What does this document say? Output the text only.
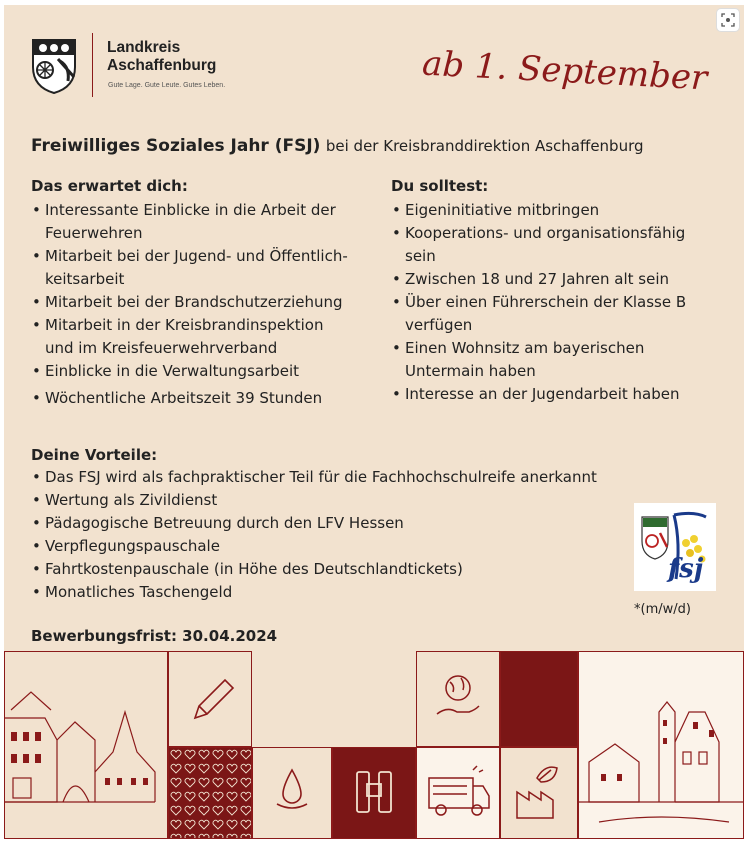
Landkreis
Aschaffenburg
Gute Lage. Gute Leute. Gutes Leben.	ab 1. September
Freiwilliges Soziales Jahr (FSJ) bei der Kreisbranddirektion Aschaffenburg
Das erwartet dich:
• Interessante Einblicke in die Arbeit der
Feuerwehren
• Mitarbeit bei der Jugend- und Öffentlich-
keitsarbeit
• Mitarbeit bei der Brandschutzerziehung
• Mitarbeit in der Kreisbrandinspektion
und im Kreisfeuerwehrverband
• Einblicke in die Verwaltungsarbeit
• Wöchentliche Arbeitszeit 39 Stunden
Du solltest:
• Eigeninitiative mitbringen
• Kooperations- und organisationsfähig
sein
• Zwischen 18 und 27 Jahren alt sein
• Über einen Führerschein der Klasse B
verfügen
• Einen Wohnsitz am bayerischen
Untermain haben
• Interesse an der Jugendarbeit haben
Deine Vorteile:
• Das FSJ wird als fachpraktischer Teil für die Fachhochschulreife anerkannt
• Wertung als Zivildienst
• Pädagogische Betreuung durch den LFV Hessen
• Verpflegungspauschale
• Fahrtkostenpauschale (in Höhe des Deutschlandtickets)
• Monatliches Taschengeld
fsj
*(m/w/d)
Bewerbungsfrist: 30.04.2024
